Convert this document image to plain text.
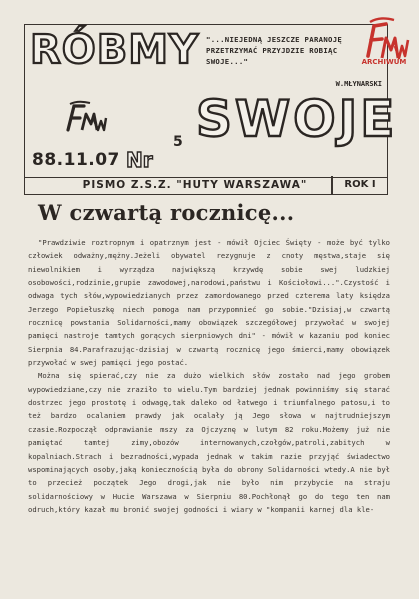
RÓBMY "...NIEJEDNĄ JESZCZE PARANOJĘ PRZETRZYMAĆ PRZYJDZIE ROBIĄC SWOJE..."
W.MŁYNARSKI
SWOJE
5
88.11.07 Nr
ARCHIWUM
PISMO Z.S.Z. "HUTY WARSZAWA"	ROK I
W czwartą rocznicę...

"Prawdziwie roztropnym i opatrznym jest - mówił Ojciec Święty - może być tylko człowiek odważny,mężny.Jeżeli obywatel rezygnuje z cnoty męstwa,staje się niewolnikiem i wyrządza największą krzywdę sobie swej ludzkiej osobowości,rodzinie,grupie zawodowej,narodowi,państwu i Kościołowi...".Czystość i odwaga tych słów,wypowiedzianych przez zamordowanego przed czterema laty księdza Jerzego Popiełuszkę niech pomoga nam przypomnieć go sobie."Dzisiaj,w czwartą rocznicę powstania Solidarności,mamy obowiązek szczegółowej przywołać w swojej pamięci nastroje tamtych gorących sierpniowych dni" - mówił w kazaniu pod koniec Sierpnia 84.Parafrazując-dzisiaj w czwartą rocznicę jego śmierci,mamy obowiązek przywołać w swej pamięci jego postać.

Można się spierać,czy nie za dużo wielkich słów zostało nad jego grobem wypowiedziane,czy nie zraziło to wielu.Tym bardziej jednak powinniśmy się starać dostrzec jego prostotę i odwagę,tak daleko od łatwego i triumfalnego patosu,i to też bardzo ocalaniem prawdy jak ocalały ją Jego słowa w najtrudniejszym czasie.Rozpoczął odprawianie mszy za Ojczyznę w lutym 82 roku.Możemy już nie pamiętać tamtej zimy,obozów internowanych,czołgów,patroli,zabitych w kopalniach.Strach i bezradności,wypada jednak w takim razie przyjąć świadectwo wspominających osoby,jaką koniecznością była do obrony Solidarności wtedy.A nie był to przecież początek Jego drogi,jak nie było nim przybycie na straju solidarnościowy w Hucie Warszawa w Sierpniu 80.Pochłonął go do tego ten nam odruch,który kazał mu bronić swojej godności i wiary w "kompanii karnej dla kle-
